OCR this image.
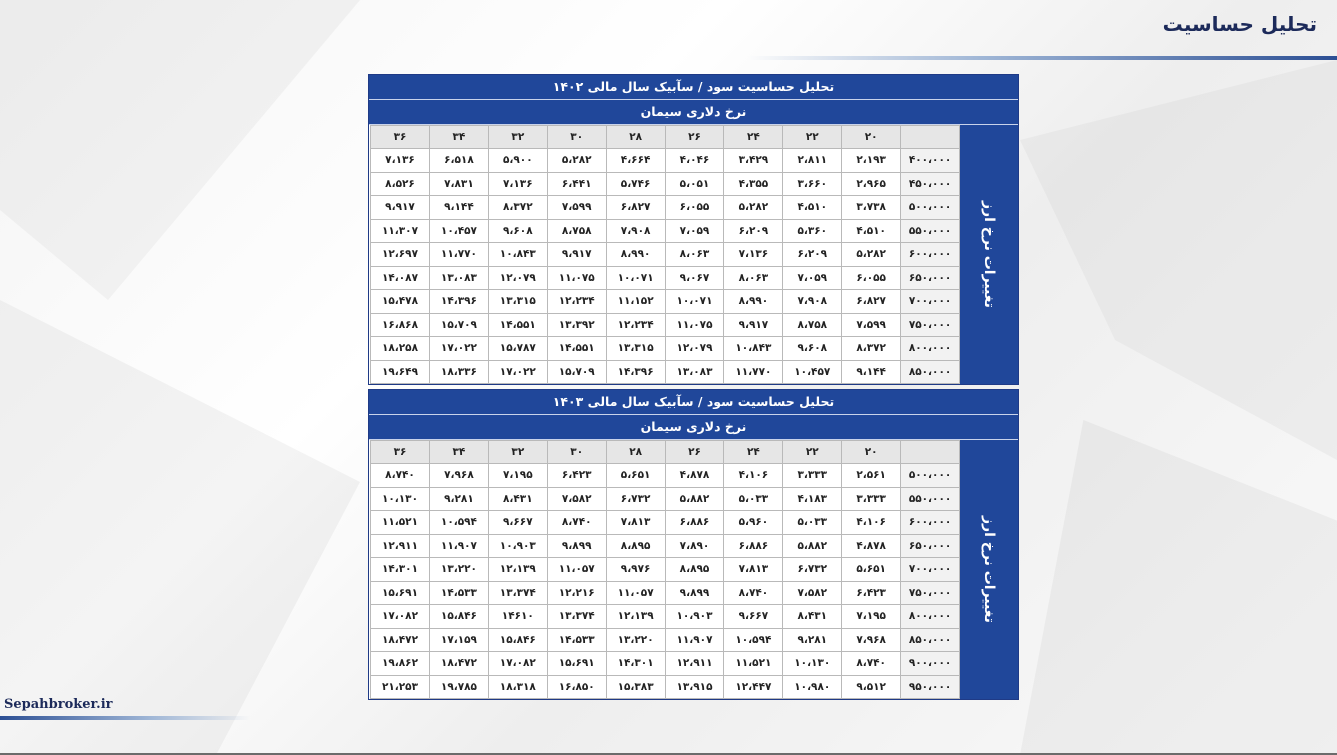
تحلیل حساسیت
تحلیل حساسیت سود / سآبیک سال مالی ۱۴۰۲
نرخ دلاری سیمان
تغییرات نرخ ارز
	۲۰	۲۲	۲۴	۲۶	۲۸	۳۰	۳۲	۳۴	۳۶
۴۰۰،۰۰۰	۲،۱۹۳	۲،۸۱۱	۳،۴۲۹	۴،۰۴۶	۴،۶۶۴	۵،۲۸۲	۵،۹۰۰	۶،۵۱۸	۷،۱۳۶
۴۵۰،۰۰۰	۲،۹۶۵	۳،۶۶۰	۴،۳۵۵	۵،۰۵۱	۵،۷۴۶	۶،۴۴۱	۷،۱۳۶	۷،۸۳۱	۸،۵۲۶
۵۰۰،۰۰۰	۳،۷۳۸	۴،۵۱۰	۵،۲۸۲	۶،۰۵۵	۶،۸۲۷	۷،۵۹۹	۸،۳۷۲	۹،۱۴۴	۹،۹۱۷
۵۵۰،۰۰۰	۴،۵۱۰	۵،۳۶۰	۶،۲۰۹	۷،۰۵۹	۷،۹۰۸	۸،۷۵۸	۹،۶۰۸	۱۰،۴۵۷	۱۱،۳۰۷
۶۰۰،۰۰۰	۵،۲۸۲	۶،۲۰۹	۷،۱۳۶	۸،۰۶۳	۸،۹۹۰	۹،۹۱۷	۱۰،۸۴۳	۱۱،۷۷۰	۱۲،۶۹۷
۶۵۰،۰۰۰	۶،۰۵۵	۷،۰۵۹	۸،۰۶۳	۹،۰۶۷	۱۰،۰۷۱	۱۱،۰۷۵	۱۲،۰۷۹	۱۳،۰۸۳	۱۴،۰۸۷
۷۰۰،۰۰۰	۶،۸۲۷	۷،۹۰۸	۸،۹۹۰	۱۰،۰۷۱	۱۱،۱۵۲	۱۲،۲۳۴	۱۳،۳۱۵	۱۴،۳۹۶	۱۵،۴۷۸
۷۵۰،۰۰۰	۷،۵۹۹	۸،۷۵۸	۹،۹۱۷	۱۱،۰۷۵	۱۲،۲۳۴	۱۳،۳۹۲	۱۴،۵۵۱	۱۵،۷۰۹	۱۶،۸۶۸
۸۰۰،۰۰۰	۸،۳۷۲	۹،۶۰۸	۱۰،۸۴۳	۱۲،۰۷۹	۱۳،۳۱۵	۱۴،۵۵۱	۱۵،۷۸۷	۱۷،۰۲۲	۱۸،۲۵۸
۸۵۰،۰۰۰	۹،۱۴۴	۱۰،۴۵۷	۱۱،۷۷۰	۱۳،۰۸۳	۱۴،۳۹۶	۱۵،۷۰۹	۱۷،۰۲۲	۱۸،۳۳۶	۱۹،۶۴۹
تحلیل حساسیت سود / سآبیک سال مالی ۱۴۰۳
نرخ دلاری سیمان
تغییرات نرخ ارز
	۲۰	۲۲	۲۴	۲۶	۲۸	۳۰	۳۲	۳۴	۳۶
۵۰۰،۰۰۰	۲،۵۶۱	۳،۳۳۳	۴،۱۰۶	۴،۸۷۸	۵،۶۵۱	۶،۴۲۳	۷،۱۹۵	۷،۹۶۸	۸،۷۴۰
۵۵۰،۰۰۰	۳،۳۳۳	۴،۱۸۳	۵،۰۳۳	۵،۸۸۲	۶،۷۳۲	۷،۵۸۲	۸،۴۳۱	۹،۲۸۱	۱۰،۱۳۰
۶۰۰،۰۰۰	۴،۱۰۶	۵،۰۳۳	۵،۹۶۰	۶،۸۸۶	۷،۸۱۳	۸،۷۴۰	۹،۶۶۷	۱۰،۵۹۴	۱۱،۵۲۱
۶۵۰،۰۰۰	۴،۸۷۸	۵،۸۸۲	۶،۸۸۶	۷،۸۹۰	۸،۸۹۵	۹،۸۹۹	۱۰،۹۰۳	۱۱،۹۰۷	۱۲،۹۱۱
۷۰۰،۰۰۰	۵،۶۵۱	۶،۷۳۲	۷،۸۱۳	۸،۸۹۵	۹،۹۷۶	۱۱،۰۵۷	۱۲،۱۳۹	۱۳،۲۲۰	۱۴،۳۰۱
۷۵۰،۰۰۰	۶،۴۲۳	۷،۵۸۲	۸،۷۴۰	۹،۸۹۹	۱۱،۰۵۷	۱۲،۲۱۶	۱۳،۳۷۴	۱۴،۵۳۳	۱۵،۶۹۱
۸۰۰،۰۰۰	۷،۱۹۵	۸،۴۳۱	۹،۶۶۷	۱۰،۹۰۳	۱۲،۱۳۹	۱۳،۳۷۴	۱۴۶۱۰	۱۵،۸۴۶	۱۷،۰۸۲
۸۵۰،۰۰۰	۷،۹۶۸	۹،۲۸۱	۱۰،۵۹۴	۱۱،۹۰۷	۱۳،۲۲۰	۱۴،۵۳۳	۱۵،۸۴۶	۱۷،۱۵۹	۱۸،۴۷۲
۹۰۰،۰۰۰	۸،۷۴۰	۱۰،۱۳۰	۱۱،۵۲۱	۱۲،۹۱۱	۱۴،۳۰۱	۱۵،۶۹۱	۱۷،۰۸۲	۱۸،۴۷۲	۱۹،۸۶۲
۹۵۰،۰۰۰	۹،۵۱۲	۱۰،۹۸۰	۱۲،۴۴۷	۱۳،۹۱۵	۱۵،۳۸۳	۱۶،۸۵۰	۱۸،۳۱۸	۱۹،۷۸۵	۲۱،۲۵۳
Sepahbroker.ir
